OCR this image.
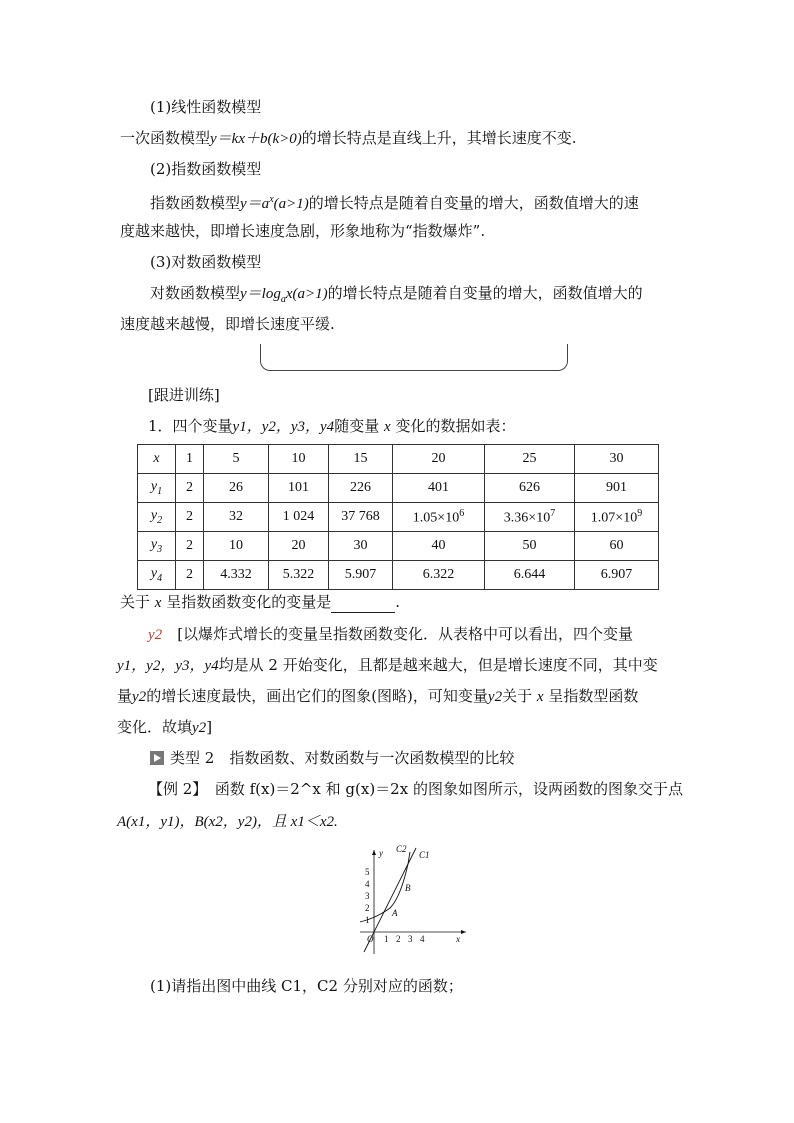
(1)线性函数模型
一次函数模型y＝kx＋b(k>0)的增长特点是直线上升，其增长速度不变.
(2)指数函数模型
指数函数模型$y=a^x(a>1)$的增长特点是随着自变量的增大，函数值增大的速
度越来越快，即增长速度急剧，形象地称为“指数爆炸”.
(3)对数函数模型
对数函数模型$y=\log_ax(a>1)$的增长特点是随着自变量的增大，函数值增大的
速度越来越慢，即增长速度平缓.
[跟进训练]
1．四个变量y1，y2，y3，y4随变量 x 变化的数据如表：
x	1	5	10	15	20	25	30
$y_1$	2	26	101	226	401	626	901
$y_2$	2	32	1 024	37 768	$1.05\times 10^6$	$3.36\times 10^7$	$1.07\times 10^9$
$y_3$	2	10	20	30	40	50	60
$y_4$	2	4.332	5.322	5.907	6.322	6.644	6.907
关于 x 呈指数函数变化的变量是	.
y2　 [以爆炸式增长的变量呈指数函数变化．从表格中可以看出，四个变量
y1，y2，y3，y4均是从 2 开始变化，且都是越来越大，但是增长速度不同，其中变
量y2的增长速度最快，画出它们的图象(图略)，可知变量y2关于 x 呈指数型函数
变化．故填y2]
类型 2　 指数函数、对数函数与一次函数模型的比较
【例 2】　 函数 f(x)＝2^x 和 g(x)＝2x 的图象如图所示，设两函数的图象交于点
A(x1，y1)，B(x2，y2)，且 x1＜x2.
1
2
3
4
5
1 2 3 4
O
y
x
C2
C1
A
B
(1)请指出图中曲线 C1，C2 分别对应的函数；
